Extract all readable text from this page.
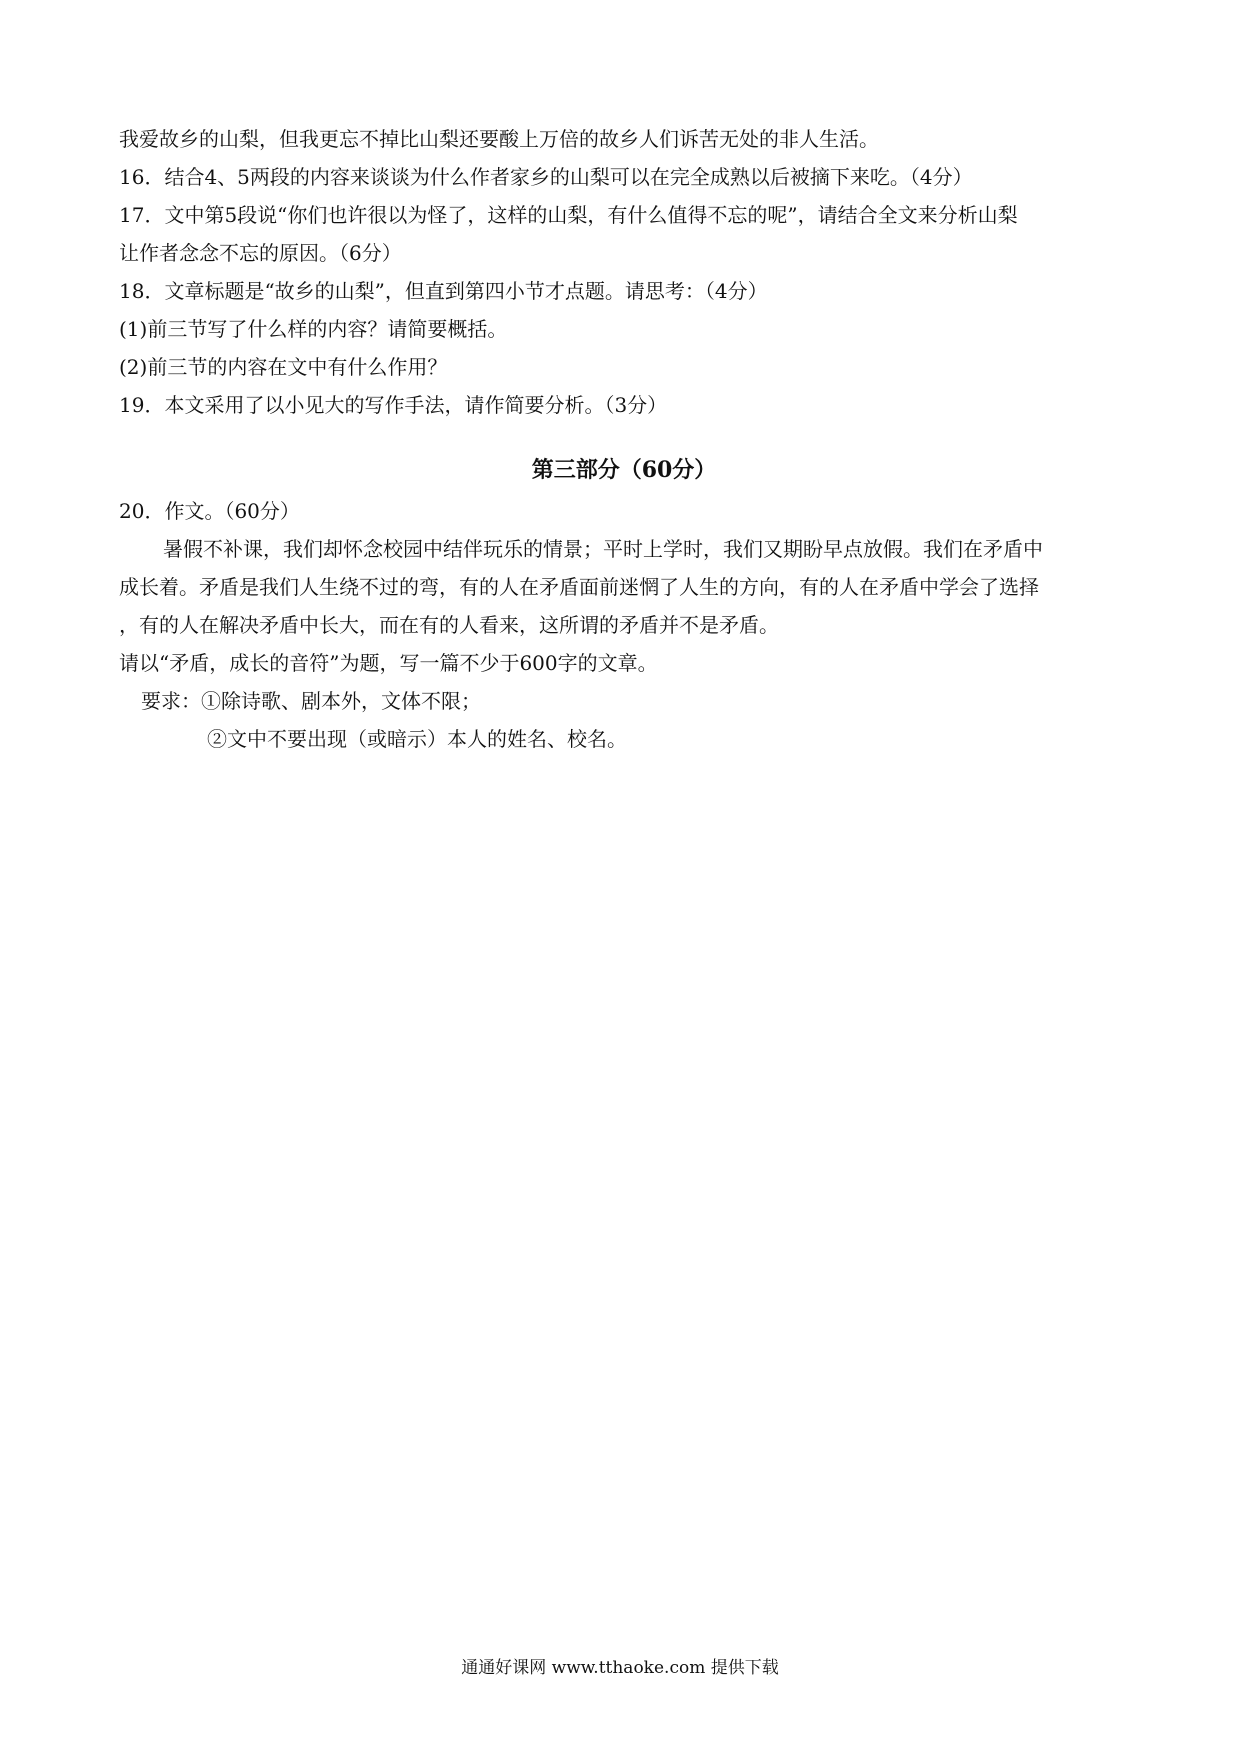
我爱故乡的山梨，但我更忘不掉比山梨还要酸上万倍的故乡人们诉苦无处的非人生活。
16．结合4、5两段的内容来谈谈为什么作者家乡的山梨可以在完全成熟以后被摘下来吃。（4分）
17．文中第5段说“你们也许很以为怪了，这样的山梨，有什么值得不忘的呢”，请结合全文来分析山梨
让作者念念不忘的原因。（6分）
18．文章标题是“故乡的山梨”，但直到第四小节才点题。请思考：（4分）
(1)前三节写了什么样的内容？请简要概括。
(2)前三节的内容在文中有什么作用？
19．本文采用了以小见大的写作手法，请作简要分析。（3分）
第三部分（60分）
20．作文。（60分）
暑假不补课，我们却怀念校园中结伴玩乐的情景；平时上学时，我们又期盼早点放假。我们在矛盾中
成长着。矛盾是我们人生绕不过的弯，有的人在矛盾面前迷惘了人生的方向，有的人在矛盾中学会了选择
，有的人在解决矛盾中长大，而在有的人看来，这所谓的矛盾并不是矛盾。
请以“矛盾，成长的音符”为题，写一篇不少于600字的文章。
要求：①除诗歌、剧本外，文体不限；
②文中不要出现（或暗示）本人的姓名、校名。
通通好课网 www.tthaoke.com 提供下载
